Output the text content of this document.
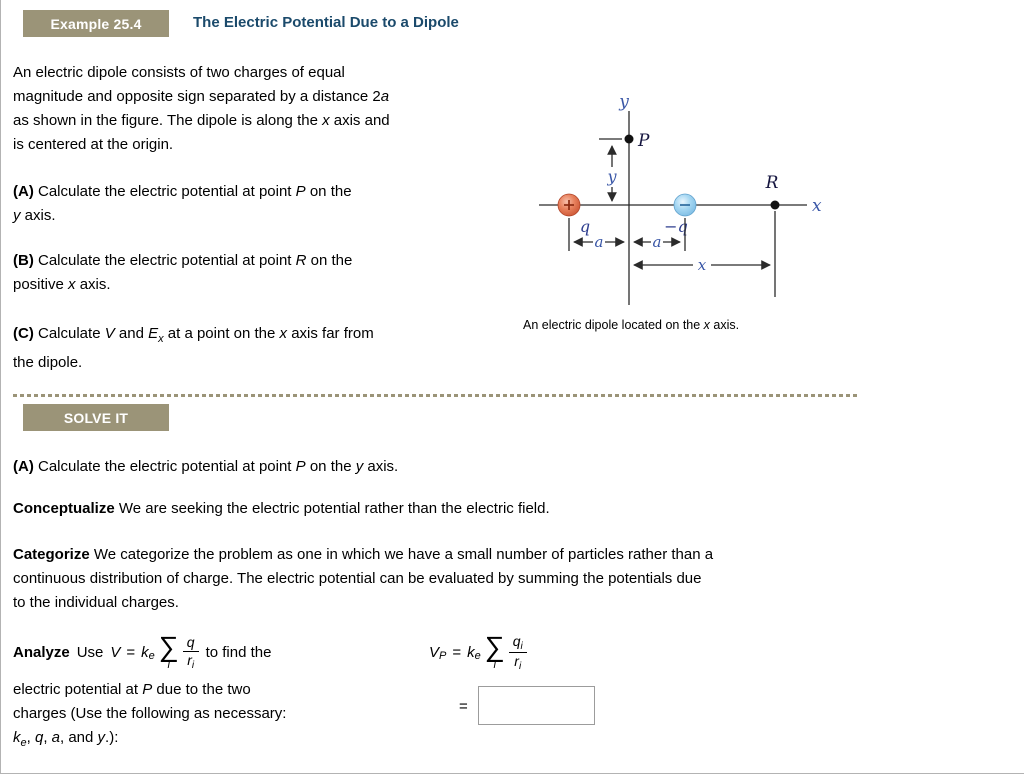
Example 25.4	The Electric Potential Due to a Dipole
An electric dipole consists of two charges of equal
magnitude and opposite sign separated by a distance 2a
as shown in the figure. The dipole is along the x axis and
is centered at the origin.
(A) Calculate the electric potential at point P on the
y axis.
(B) Calculate the electric potential at point R on the
positive x axis.
(C) Calculate V and $E_x$ at a point on the x axis far from
the dipole.
y
x
P
y
q	−q
a	a
R
x
An electric dipole located on the x axis.
SOLVE IT
(A) Calculate the electric potential at point P on the y axis.
Conceptualize We are seeking the electric potential rather than the electric field.
Categorize We categorize the problem as one in which we have a small number of particles rather than a
continuous distribution of charge. The electric potential can be evaluated by summing the potentials due
to the individual charges.
Analyze Use V = k e ∑
i $\frac{q}{r_i}$ to find the
electric potential at P due to the two
charges (Use the following as necessary:
$k_e$, q, a, and y.):
V P = k e ∑
i $\frac{q_i}{r_i}$
=
